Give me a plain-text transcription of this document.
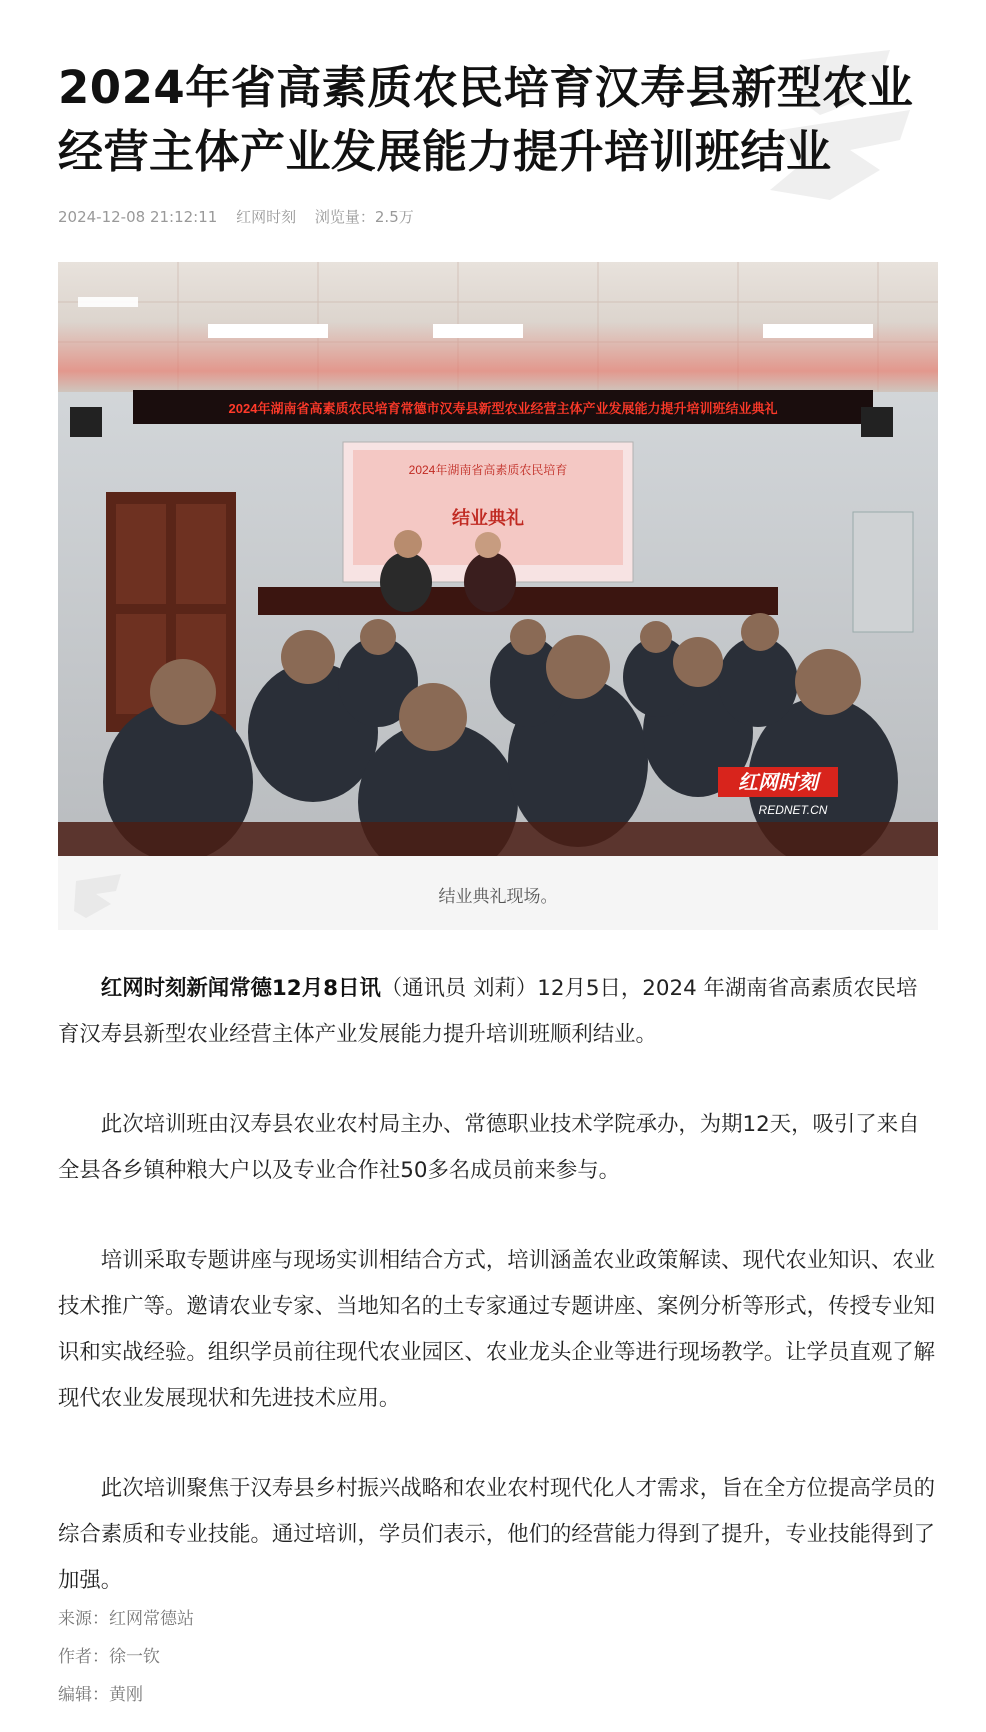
2024年省高素质农民培育汉寿县新型农业
经营主体产业发展能力提升培训班结业
2024-12-08 21:12:11 红网时刻 浏览量：2.5万
2024年湖南省高素质农民培育常德市汉寿县新型农业经营主体产业发展能力提升培训班结业典礼
2024年湖南省高素质农民培育
结业典礼
红网时刻
REDNET.CN
结业典礼现场。

红网时刻新闻常德12月8日讯（通讯员 刘莉）12月5日，2024 年湖南省高素质农民培育汉寿县新型农业经营主体产业发展能力提升培训班顺利结业。

此次培训班由汉寿县农业农村局主办、常德职业技术学院承办，为期12天，吸引了来自全县各乡镇种粮大户以及专业合作社50多名成员前来参与。

培训采取专题讲座与现场实训相结合方式，培训涵盖农业政策解读、现代农业知识、农业技术推广等。邀请农业专家、当地知名的土专家通过专题讲座、案例分析等形式，传授专业知识和实战经验。组织学员前往现代农业园区、农业龙头企业等进行现场教学。让学员直观了解现代农业发展现状和先进技术应用。

此次培训聚焦于汉寿县乡村振兴战略和农业农村现代化人才需求，旨在全方位提高学员的综合素质和专业技能。通过培训，学员们表示，他们的经营能力得到了提升，专业技能得到了加强。

来源：红网常德站
作者：徐一钦
编辑：黄刚
